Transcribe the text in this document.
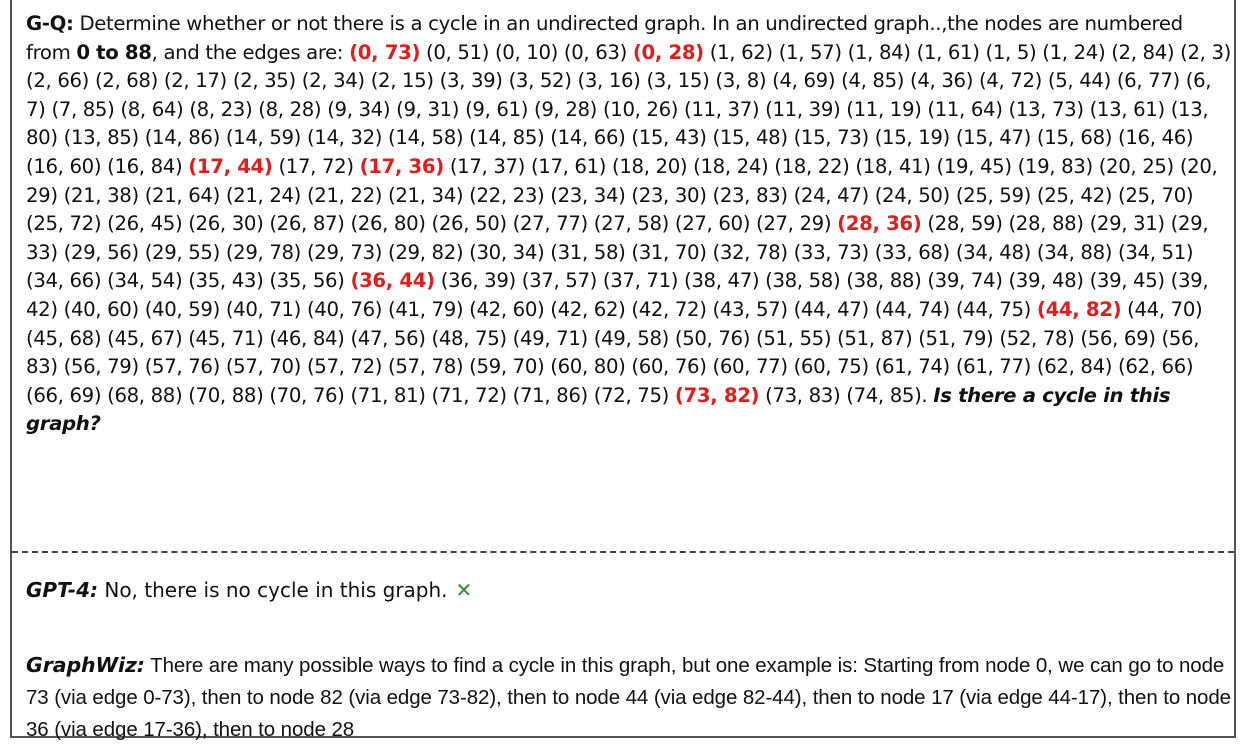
G-Q: Determine whether or not there is a cycle in an undirected graph. In an undirected graph..,the nodes are numbered from 0 to 88, and the edges are: (0, 73) (0, 51) (0, 10) (0, 63) (0, 28) (1, 62) (1, 57) (1, 84) (1, 61) (1, 5) (1, 24) (2, 84) (2, 3) (2, 66) (2, 68) (2, 17) (2, 35) (2, 34) (2, 15) (3, 39) (3, 52) (3, 16) (3, 15) (3, 8) (4, 69) (4, 85) (4, 36) (4, 72) (5, 44) (6, 77) (6, 7) (7, 85) (8, 64) (8, 23) (8, 28) (9, 34) (9, 31) (9, 61) (9, 28) (10, 26) (11, 37) (11, 39) (11, 19) (11, 64) (13, 73) (13, 61) (13, 80) (13, 85) (14, 86) (14, 59) (14, 32) (14, 58) (14, 85) (14, 66) (15, 43) (15, 48) (15, 73) (15, 19) (15, 47) (15, 68) (16, 46) (16, 60) (16, 84) (17, 44) (17, 72) (17, 36) (17, 37) (17, 61) (18, 20) (18, 24) (18, 22) (18, 41) (19, 45) (19, 83) (20, 25) (20, 29) (21, 38) (21, 64) (21, 24) (21, 22) (21, 34) (22, 23) (23, 34) (23, 30) (23, 83) (24, 47) (24, 50) (25, 59) (25, 42) (25, 70) (25, 72) (26, 45) (26, 30) (26, 87) (26, 80) (26, 50) (27, 77) (27, 58) (27, 60) (27, 29) (28, 36) (28, 59) (28, 88) (29, 31) (29, 33) (29, 56) (29, 55) (29, 78) (29, 73) (29, 82) (30, 34) (31, 58) (31, 70) (32, 78) (33, 73) (33, 68) (34, 48) (34, 88) (34, 51) (34, 66) (34, 54) (35, 43) (35, 56) (36, 44) (36, 39) (37, 57) (37, 71) (38, 47) (38, 58) (38, 88) (39, 74) (39, 48) (39, 45) (39, 42) (40, 60) (40, 59) (40, 71) (40, 76) (41, 79) (42, 60) (42, 62) (42, 72) (43, 57) (44, 47) (44, 74) (44, 75) (44, 82) (44, 70) (45, 68) (45, 67) (45, 71) (46, 84) (47, 56) (48, 75) (49, 71) (49, 58) (50, 76) (51, 55) (51, 87) (51, 79) (52, 78) (56, 69) (56, 83) (56, 79) (57, 76) (57, 70) (57, 72) (57, 78) (59, 70) (60, 80) (60, 76) (60, 77) (60, 75) (61, 74) (61, 77) (62, 84) (62, 66) (66, 69) (68, 88) (70, 88) (70, 76) (71, 81) (71, 72) (71, 86) (72, 75) (73, 82) (73, 83) (74, 85). Is there a cycle in this graph?
GPT-4: No, there is no cycle in this graph. ✕
GraphWiz: There are many possible ways to find a cycle in this graph, but one example is: Starting from node 0, we can go to node 73 (via edge 0-73), then to node 82 (via edge 73-82), then to node 44 (via edge 82-44), then to node 17 (via edge 44-17), then to node 36 (via edge 17-36), then to node 28
